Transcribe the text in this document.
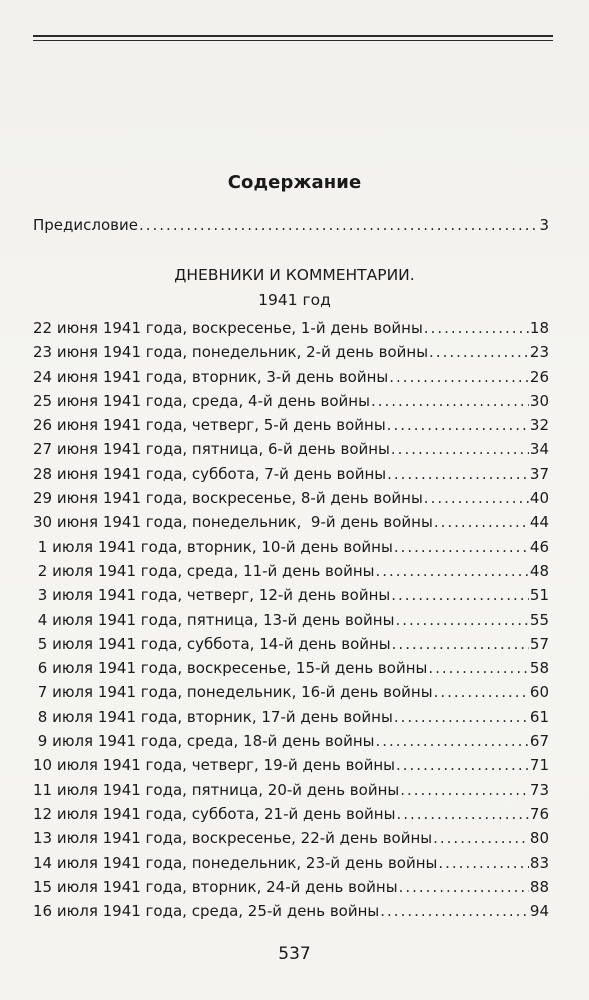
Содержание
Предисловие .....	3
ДНЕВНИКИ И КОММЕНТАРИИ.
1941 год
22 июня 1941 года, воскресенье, 1-й день войны .....	18
23 июня 1941 года, понедельник, 2-й день войны .....	23
24 июня 1941 года, вторник, 3-й день войны .....	26
25 июня 1941 года, среда, 4-й день войны .....	30
26 июня 1941 года, четверг, 5-й день войны .....	32
27 июня 1941 года, пятница, 6-й день войны .....	34
28 июня 1941 года, суббота, 7-й день войны .....	37
29 июня 1941 года, воскресенье, 8-й день войны .....	40
30 июня 1941 года, понедельник,  9-й день войны .....	44
1 июля 1941 года, вторник, 10-й день войны .....	46
2 июля 1941 года, среда, 11-й день войны .....	48
3 июля 1941 года, четверг, 12-й день войны .....	51
4 июля 1941 года, пятница, 13-й день войны .....	55
5 июля 1941 года, суббота, 14-й день войны .....	57
6 июля 1941 года, воскресенье, 15-й день войны .....	58
7 июля 1941 года, понедельник, 16-й день войны .....	60
8 июля 1941 года, вторник, 17-й день войны .....	61
9 июля 1941 года, среда, 18-й день войны .....	67
10 июля 1941 года, четверг, 19-й день войны .....	71
11 июля 1941 года, пятница, 20-й день войны .....	73
12 июля 1941 года, суббота, 21-й день войны .....	76
13 июля 1941 года, воскресенье, 22-й день войны .....	80
14 июля 1941 года, понедельник, 23-й день войны .....	83
15 июля 1941 года, вторник, 24-й день войны .....	88
16 июля 1941 года, среда, 25-й день войны .....	94
537
